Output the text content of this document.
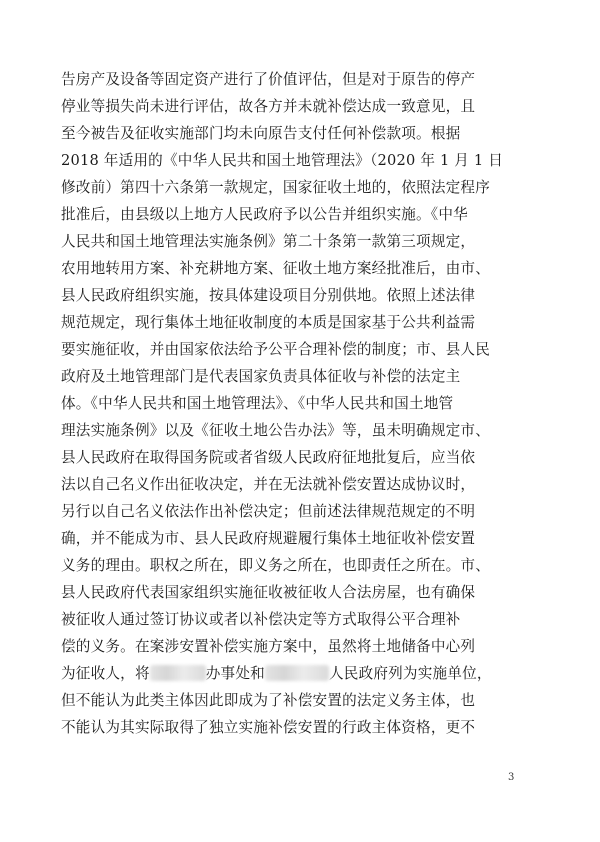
告房产及设备等固定资产进行了价值评估，但是对于原告的停产
停业等损失尚未进行评估，故各方并未就补偿达成一致意见，且
至今被告及征收实施部门均未向原告支付任何补偿款项。根据
2018 年适用的《中华人民共和国土地管理法》（2020 年 1 月 1 日
修改前）第四十六条第一款规定，国家征收土地的，依照法定程序
批准后，由县级以上地方人民政府予以公告并组织实施。《中华
人民共和国土地管理法实施条例》第二十条第一款第三项规定，
农用地转用方案、补充耕地方案、征收土地方案经批准后，由市、
县人民政府组织实施，按具体建设项目分别供地。依照上述法律
规范规定，现行集体土地征收制度的本质是国家基于公共利益需
要实施征收，并由国家依法给予公平合理补偿的制度；市、县人民
政府及土地管理部门是代表国家负责具体征收与补偿的法定主
体。《中华人民共和国土地管理法》、《中华人民共和国土地管
理法实施条例》以及《征收土地公告办法》等，虽未明确规定市、
县人民政府在取得国务院或者省级人民政府征地批复后，应当依
法以自己名义作出征收决定，并在无法就补偿安置达成协议时，
另行以自己名义依法作出补偿决定；但前述法律规范规定的不明
确，并不能成为市、县人民政府规避履行集体土地征收补偿安置
义务的理由。职权之所在，即义务之所在，也即责任之所在。市、
县人民政府代表国家组织实施征收被征收人合法房屋，也有确保
被征收人通过签订协议或者以补偿决定等方式取得公平合理补
偿的义务。在案涉安置补偿实施方案中，虽然将土地储备中心列
为征收人，将	办事处和	人民政府列为实施单位，
但不能认为此类主体因此即成为了补偿安置的法定义务主体，也
不能认为其实际取得了独立实施补偿安置的行政主体资格，更不
3
